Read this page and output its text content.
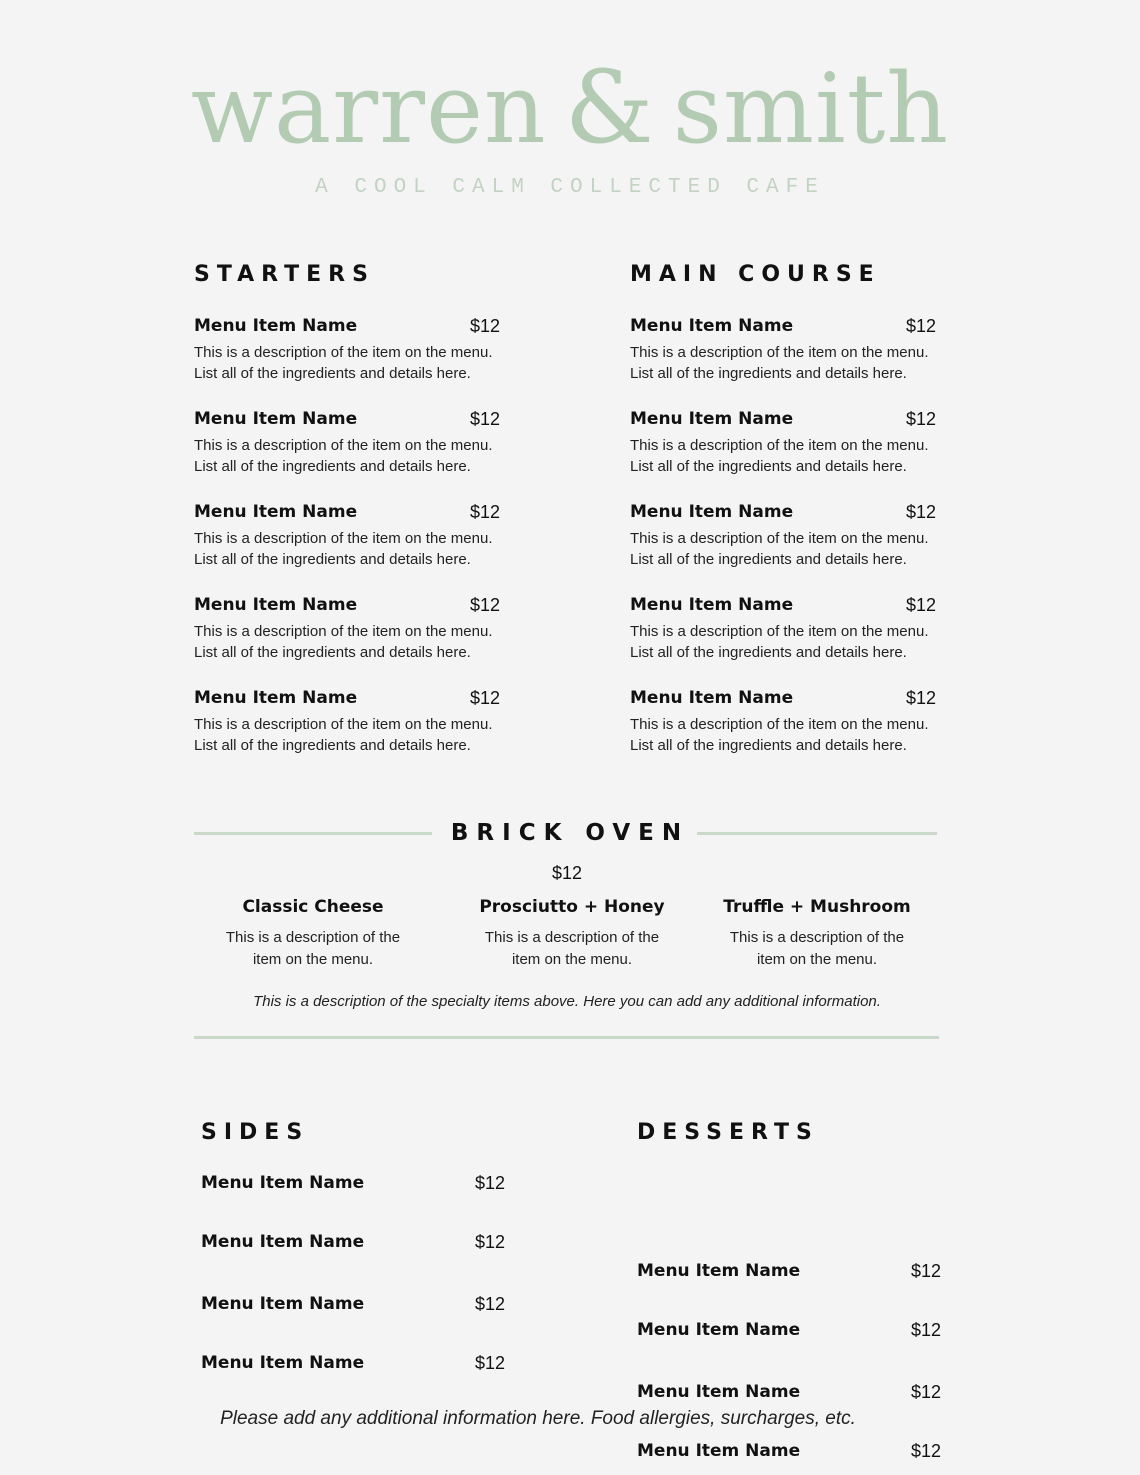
warren & smith
A COOL CALM COLLECTED CAFE
STARTERS
Menu Item Name	$12
This is a description of the item on the menu.
List all of the ingredients and details here.
Menu Item Name	$12
This is a description of the item on the menu.
List all of the ingredients and details here.
Menu Item Name	$12
This is a description of the item on the menu.
List all of the ingredients and details here.
Menu Item Name	$12
This is a description of the item on the menu.
List all of the ingredients and details here.
Menu Item Name	$12
This is a description of the item on the menu.
List all of the ingredients and details here.
MAIN COURSE
Menu Item Name	$12
This is a description of the item on the menu.
List all of the ingredients and details here.
Menu Item Name	$12
This is a description of the item on the menu.
List all of the ingredients and details here.
Menu Item Name	$12
This is a description of the item on the menu.
List all of the ingredients and details here.
Menu Item Name	$12
This is a description of the item on the menu.
List all of the ingredients and details here.
Menu Item Name	$12
This is a description of the item on the menu.
List all of the ingredients and details here.
BRICK OVEN
$12
Classic Cheese
This is a description of the
item on the menu.
Prosciutto + Honey
This is a description of the
item on the menu.
Truffle + Mushroom
This is a description of the
item on the menu.
This is a description of the specialty items above. Here you can add any additional information.
SIDES
Menu Item Name	$12
Menu Item Name	$12
Menu Item Name	$12
Menu Item Name	$12
DESSERTS
Menu Item Name	$12
Menu Item Name	$12
Menu Item Name	$12
Menu Item Name	$12
Please add any additional information here. Food allergies, surcharges, etc.
